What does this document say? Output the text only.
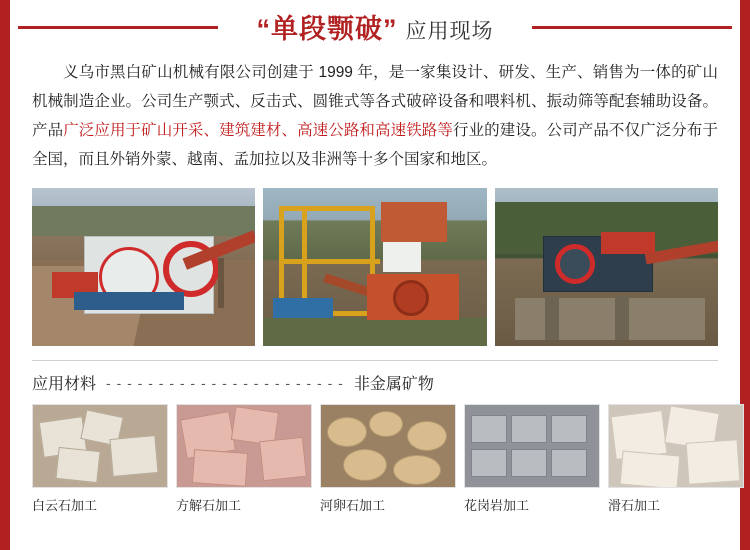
“单段颚破” 应用现场

义乌市黑白矿山机械有限公司创建于 1999 年，是一家集设计、研发、生产、销售为一体的矿山机械制造企业。公司生产颚式、反击式、圆锥式等各式破碎设备和喂料机、振动筛等配套辅助设备。产品广泛应用于矿山开采、建筑建材、高速公路和高速铁路等行业的建设。公司产品不仅广泛分布于全国，而且外销外蒙、越南、孟加拉以及非洲等十多个国家和地区。

应用材料 - - - - - - - - - - - - - - - - - - - - - - - 非金属矿物
白云石加工	方解石加工	河卵石加工	花岗岩加工	滑石加工
